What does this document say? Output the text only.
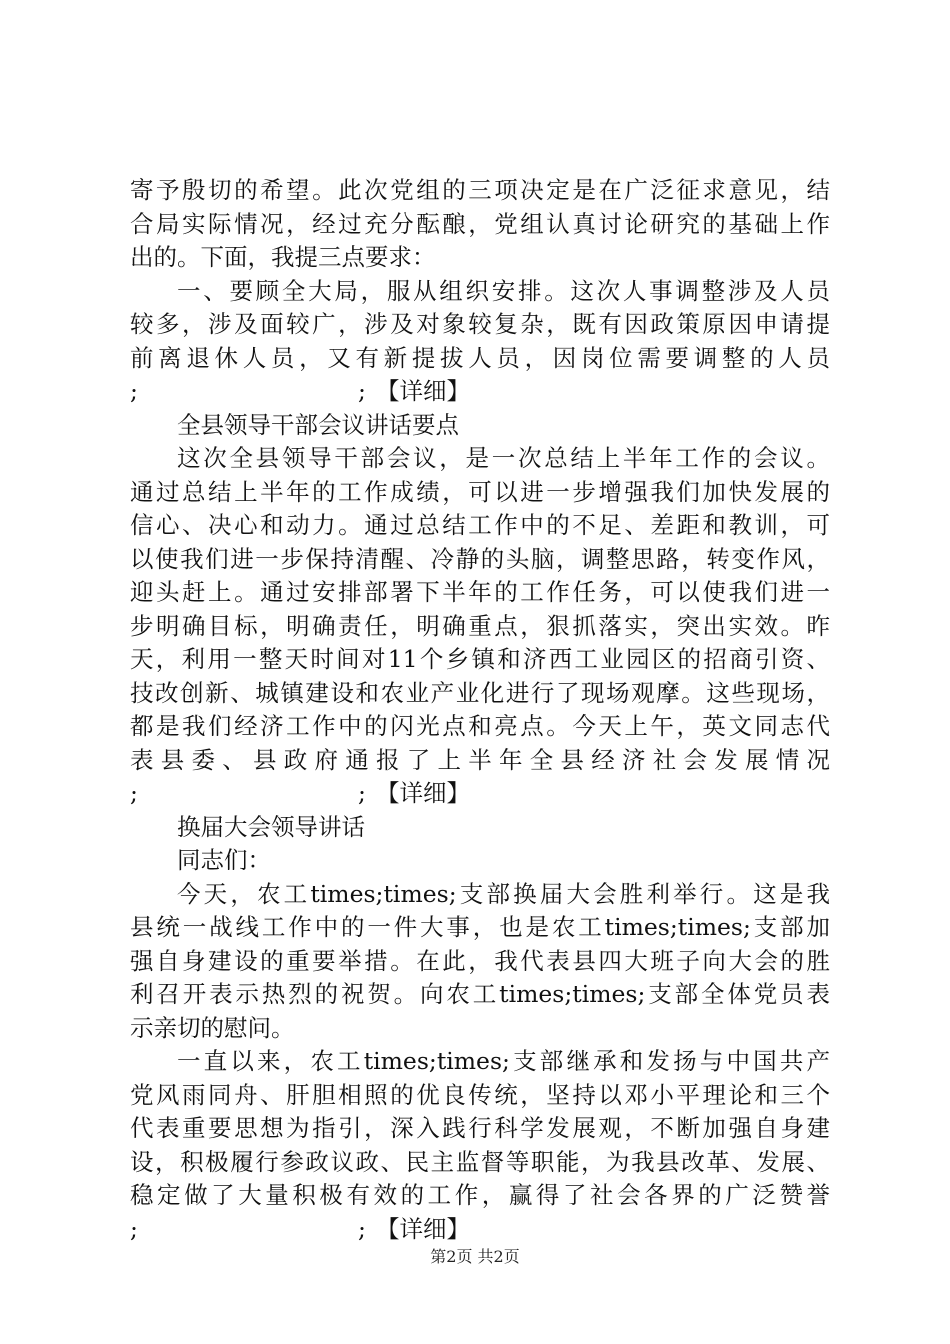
寄予殷切的希望。此次党组的三项决定是在广泛征求意见，结
合局实际情况，经过充分酝酿，党组认真讨论研究的基础上作
出的。下面，我提三点要求：
一、要顾全大局，服从组织安排。这次人事调整涉及人员
较多，涉及面较广，涉及对象较复杂，既有因政策原因申请提
前离退休人员，又有新提拔人员，因岗位需要调整的人员
;	; 【详细】
全县领导干部会议讲话要点
这次全县领导干部会议，是一次总结上半年工作的会议。
通过总结上半年的工作成绩，可以进一步增强我们加快发展的
信心、决心和动力。通过总结工作中的不足、差距和教训，可
以使我们进一步保持清醒、冷静的头脑，调整思路，转变作风，
迎头赶上。通过安排部署下半年的工作任务，可以使我们进一
步明确目标，明确责任，明确重点，狠抓落实，突出实效。昨
天，利用一整天时间对11个乡镇和济西工业园区的招商引资、
技改创新、城镇建设和农业产业化进行了现场观摩。这些现场，
都是我们经济工作中的闪光点和亮点。今天上午，英文同志代
表县委、县政府通报了上半年全县经济社会发展情况
;	; 【详细】
换届大会领导讲话
同志们：
今天，农工times;times;支部换届大会胜利举行。这是我
县统一战线工作中的一件大事，也是农工times;times;支部加
强自身建设的重要举措。在此，我代表县四大班子向大会的胜
利召开表示热烈的祝贺。向农工times;times;支部全体党员表
示亲切的慰问。
一直以来，农工times;times;支部继承和发扬与中国共产
党风雨同舟、肝胆相照的优良传统，坚持以邓小平理论和三个
代表重要思想为指引，深入践行科学发展观，不断加强自身建
设，积极履行参政议政、民主监督等职能，为我县改革、发展、
稳定做了大量积极有效的工作，赢得了社会各界的广泛赞誉
;	; 【详细】
第2页 共2页
